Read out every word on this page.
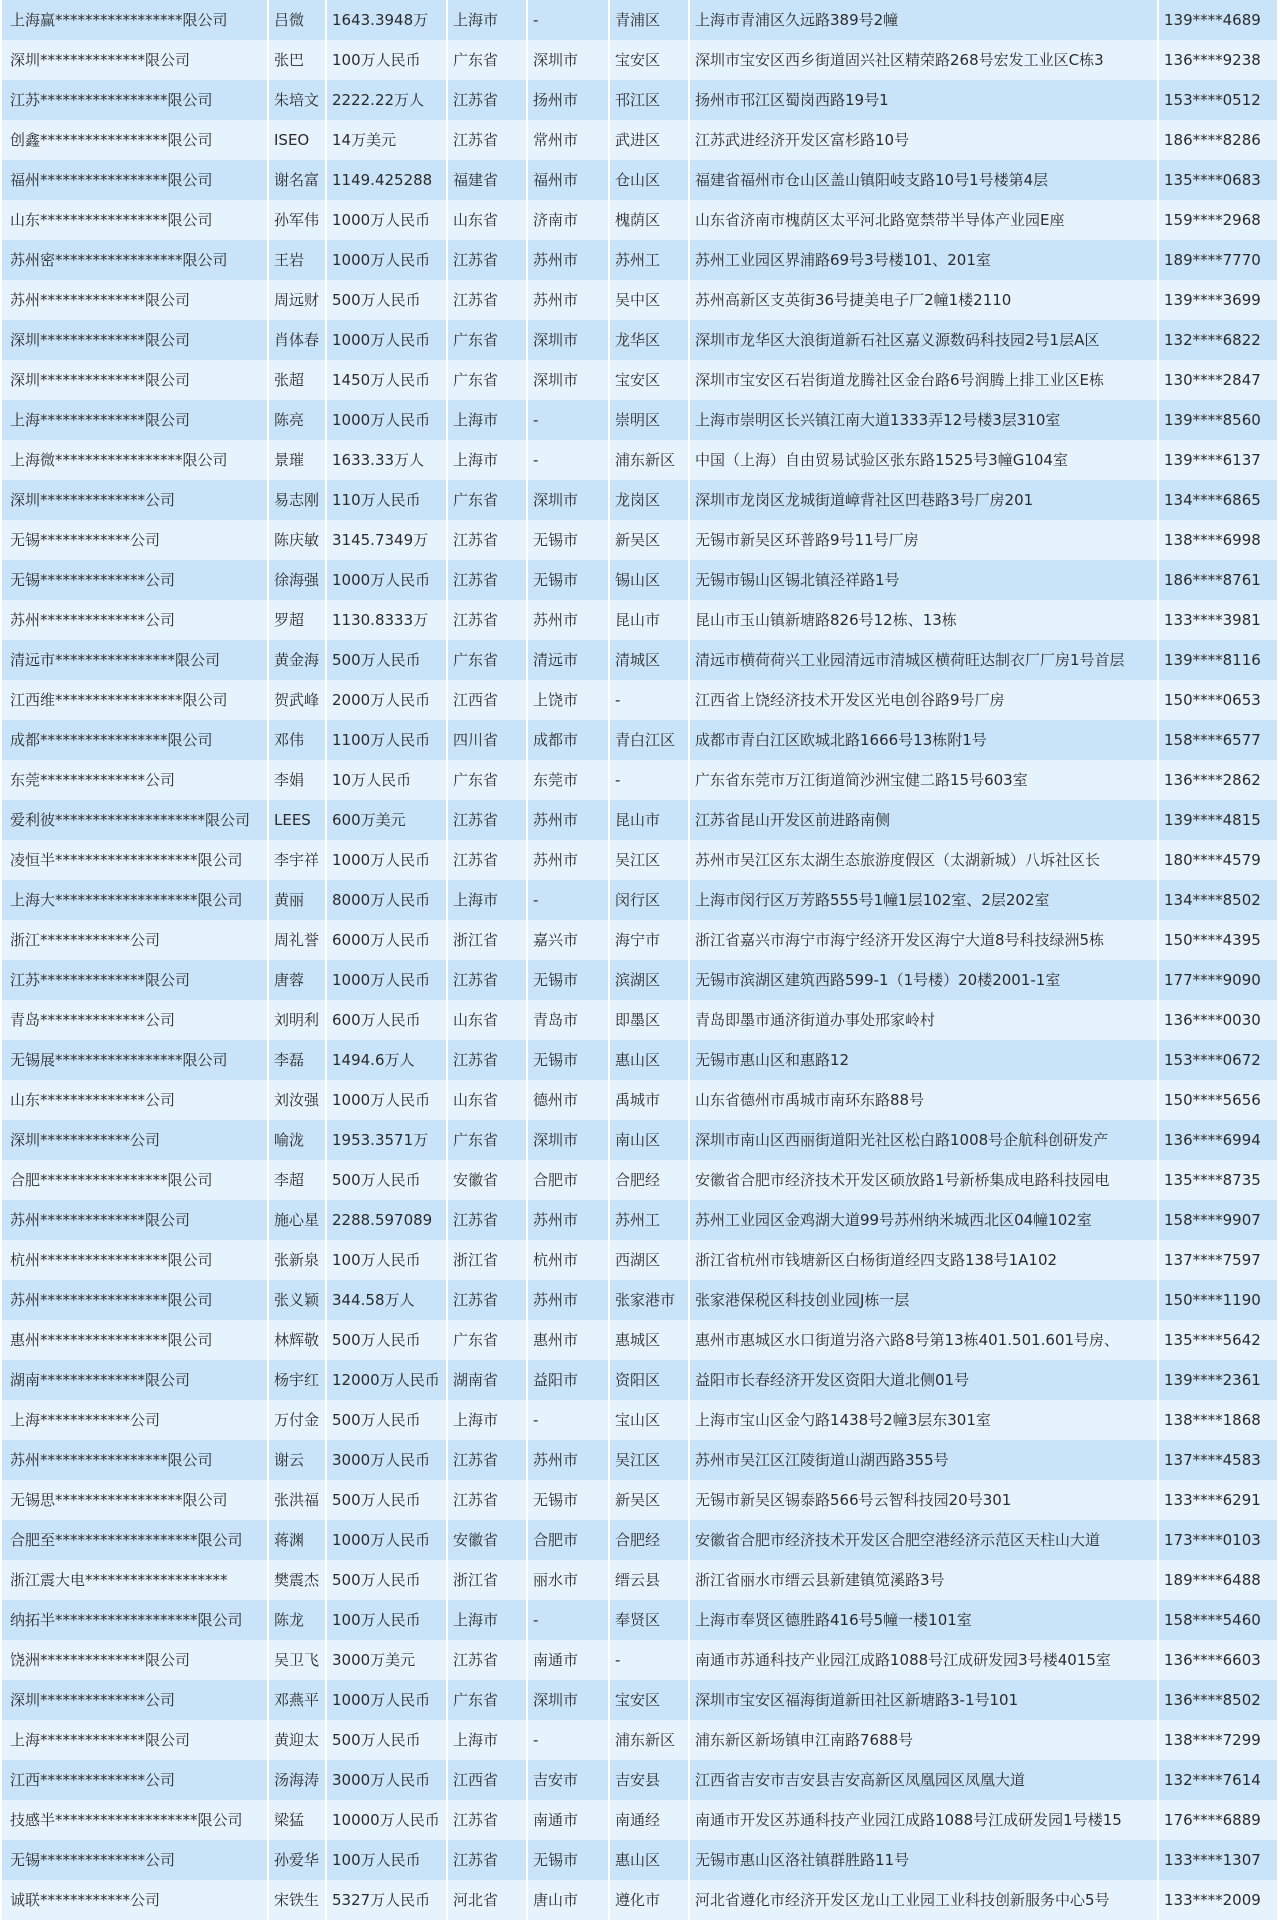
上海赢*****************限公司	吕微	1643.3948万	上海市	-	青浦区	上海市青浦区久远路389号2幢	139****4689
深圳**************限公司	张巴	100万人民币	广东省	深圳市	宝安区	深圳市宝安区西乡街道固兴社区精荣路268号宏发工业区C栋3	136****9238
江苏*****************限公司	朱培文	2222.22万人	江苏省	扬州市	邗江区	扬州市邗江区蜀岗西路19号1	153****0512
创鑫*****************限公司	ISEO	14万美元	江苏省	常州市	武进区	江苏武进经济开发区富杉路10号	186****8286
福州*****************限公司	谢名富	1149.425288	福建省	福州市	仓山区	福建省福州市仓山区盖山镇阳岐支路10号1号楼第4层	135****0683
山东*****************限公司	孙军伟	1000万人民币	山东省	济南市	槐荫区	山东省济南市槐荫区太平河北路宽禁带半导体产业园E座	159****2968
苏州密*****************限公司	王岩	1000万人民币	江苏省	苏州市	苏州工	苏州工业园区界浦路69号3号楼101、201室	189****7770
苏州**************限公司	周远财	500万人民币	江苏省	苏州市	吴中区	苏州高新区支英街36号捷美电子厂2幢1楼2110	139****3699
深圳**************限公司	肖体春	1000万人民币	广东省	深圳市	龙华区	深圳市龙华区大浪街道新石社区嘉义源数码科技园2号1层A区	132****6822
深圳**************限公司	张超	1450万人民币	广东省	深圳市	宝安区	深圳市宝安区石岩街道龙腾社区金台路6号润腾上排工业区E栋	130****2847
上海**************限公司	陈亮	1000万人民币	上海市	-	崇明区	上海市崇明区长兴镇江南大道1333弄12号楼3层310室	139****8560
上海微*****************限公司	景璀	1633.33万人	上海市	-	浦东新区	中国（上海）自由贸易试验区张东路1525号3幢G104室	139****6137
深圳**************公司	易志刚	110万人民币	广东省	深圳市	龙岗区	深圳市龙岗区龙城街道嶂背社区凹巷路3号厂房201	134****6865
无锡************公司	陈庆敏	3145.7349万	江苏省	无锡市	新吴区	无锡市新吴区环普路9号11号厂房	138****6998
无锡**************公司	徐海强	1000万人民币	江苏省	无锡市	锡山区	无锡市锡山区锡北镇泾祥路1号	186****8761
苏州**************公司	罗超	1130.8333万	江苏省	苏州市	昆山市	昆山市玉山镇新塘路826号12栋、13栋	133****3981
清远市****************限公司	黄金海	500万人民币	广东省	清远市	清城区	清远市横荷荷兴工业园清远市清城区横荷旺达制衣厂厂房1号首层	139****8116
江西维*****************限公司	贺武峰	2000万人民币	江西省	上饶市	-	江西省上饶经济技术开发区光电创谷路9号厂房	150****0653
成都*****************限公司	邓伟	1100万人民币	四川省	成都市	青白江区	成都市青白江区欧城北路1666号13栋附1号	158****6577
东莞**************公司	李娟	10万人民币	广东省	东莞市	-	广东省东莞市万江街道简沙洲宝健二路15号603室	136****2862
爱利彼********************限公司	LEES	600万美元	江苏省	苏州市	昆山市	江苏省昆山开发区前进路南侧	139****4815
凌恒半*******************限公司	李宇祥	1000万人民币	江苏省	苏州市	吴江区	苏州市吴江区东太湖生态旅游度假区（太湖新城）八坼社区长	180****4579
上海大*******************限公司	黄丽	8000万人民币	上海市	-	闵行区	上海市闵行区万芳路555号1幢1层102室、2层202室	134****8502
浙江************公司	周礼誉	6000万人民币	浙江省	嘉兴市	海宁市	浙江省嘉兴市海宁市海宁经济开发区海宁大道8号科技绿洲5栋	150****4395
江苏**************限公司	唐蓉	1000万人民币	江苏省	无锡市	滨湖区	无锡市滨湖区建筑西路599-1（1号楼）20楼2001-1室	177****9090
青岛**************公司	刘明利	600万人民币	山东省	青岛市	即墨区	青岛即墨市通济街道办事处邢家岭村	136****0030
无锡展*****************限公司	李磊	1494.6万人	江苏省	无锡市	惠山区	无锡市惠山区和惠路12	153****0672
山东**************公司	刘汝强	1000万人民币	山东省	德州市	禹城市	山东省德州市禹城市南环东路88号	150****5656
深圳************公司	喻泷	1953.3571万	广东省	深圳市	南山区	深圳市南山区西丽街道阳光社区松白路1008号企航科创研发产	136****6994
合肥*****************限公司	李超	500万人民币	安徽省	合肥市	合肥经	安徽省合肥市经济技术开发区硕放路1号新桥集成电路科技园电	135****8735
苏州**************限公司	施心星	2288.597089	江苏省	苏州市	苏州工	苏州工业园区金鸡湖大道99号苏州纳米城西北区04幢102室	158****9907
杭州*****************限公司	张新泉	100万人民币	浙江省	杭州市	西湖区	浙江省杭州市钱塘新区白杨街道经四支路138号1A102	137****7597
苏州*****************限公司	张义颖	344.58万人	江苏省	苏州市	张家港市	张家港保税区科技创业园J栋一层	150****1190
惠州*****************限公司	林辉敬	500万人民币	广东省	惠州市	惠城区	惠州市惠城区水口街道屶洛六路8号第13栋401.501.601号房、	135****5642
湖南**************限公司	杨宇红	12000万人民币	湖南省	益阳市	资阳区	益阳市长春经济开发区资阳大道北侧01号	139****2361
上海************公司	万付金	500万人民币	上海市	-	宝山区	上海市宝山区金勺路1438号2幢3层东301室	138****1868
苏州*****************限公司	谢云	3000万人民币	江苏省	苏州市	吴江区	苏州市吴江区江陵街道山湖西路355号	137****4583
无锡思*****************限公司	张洪福	500万人民币	江苏省	无锡市	新吴区	无锡市新吴区锡泰路566号云智科技园20号301	133****6291
合肥至*******************限公司	蒋渊	1000万人民币	安徽省	合肥市	合肥经	安徽省合肥市经济技术开发区合肥空港经济示范区天柱山大道	173****0103
浙江震大电*******************	樊震杰	500万人民币	浙江省	丽水市	缙云县	浙江省丽水市缙云县新建镇笕溪路3号	189****6488
纳拓半*******************限公司	陈龙	100万人民币	上海市	-	奉贤区	上海市奉贤区德胜路416号5幢一楼101室	158****5460
饶洲**************限公司	吴卫飞	3000万美元	江苏省	南通市	-	南通市苏通科技产业园江成路1088号江成研发园3号楼4015室	136****6603
深圳**************公司	邓燕平	1000万人民币	广东省	深圳市	宝安区	深圳市宝安区福海街道新田社区新塘路3-1号101	136****8502
上海**************限公司	黄迎太	500万人民币	上海市	-	浦东新区	浦东新区新场镇申江南路7688号	138****7299
江西**************公司	汤海涛	3000万人民币	江西省	吉安市	吉安县	江西省吉安市吉安县吉安高新区凤凰园区凤凰大道	132****7614
技感半*******************限公司	梁猛	10000万人民币	江苏省	南通市	南通经	南通市开发区苏通科技产业园江成路1088号江成研发园1号楼15	176****6889
无锡**************公司	孙爱华	100万人民币	江苏省	无锡市	惠山区	无锡市惠山区洛社镇群胜路11号	133****1307
诚联************公司	宋铁生	5327万人民币	河北省	唐山市	遵化市	河北省遵化市经济开发区龙山工业园工业科技创新服务中心5号	133****2009
